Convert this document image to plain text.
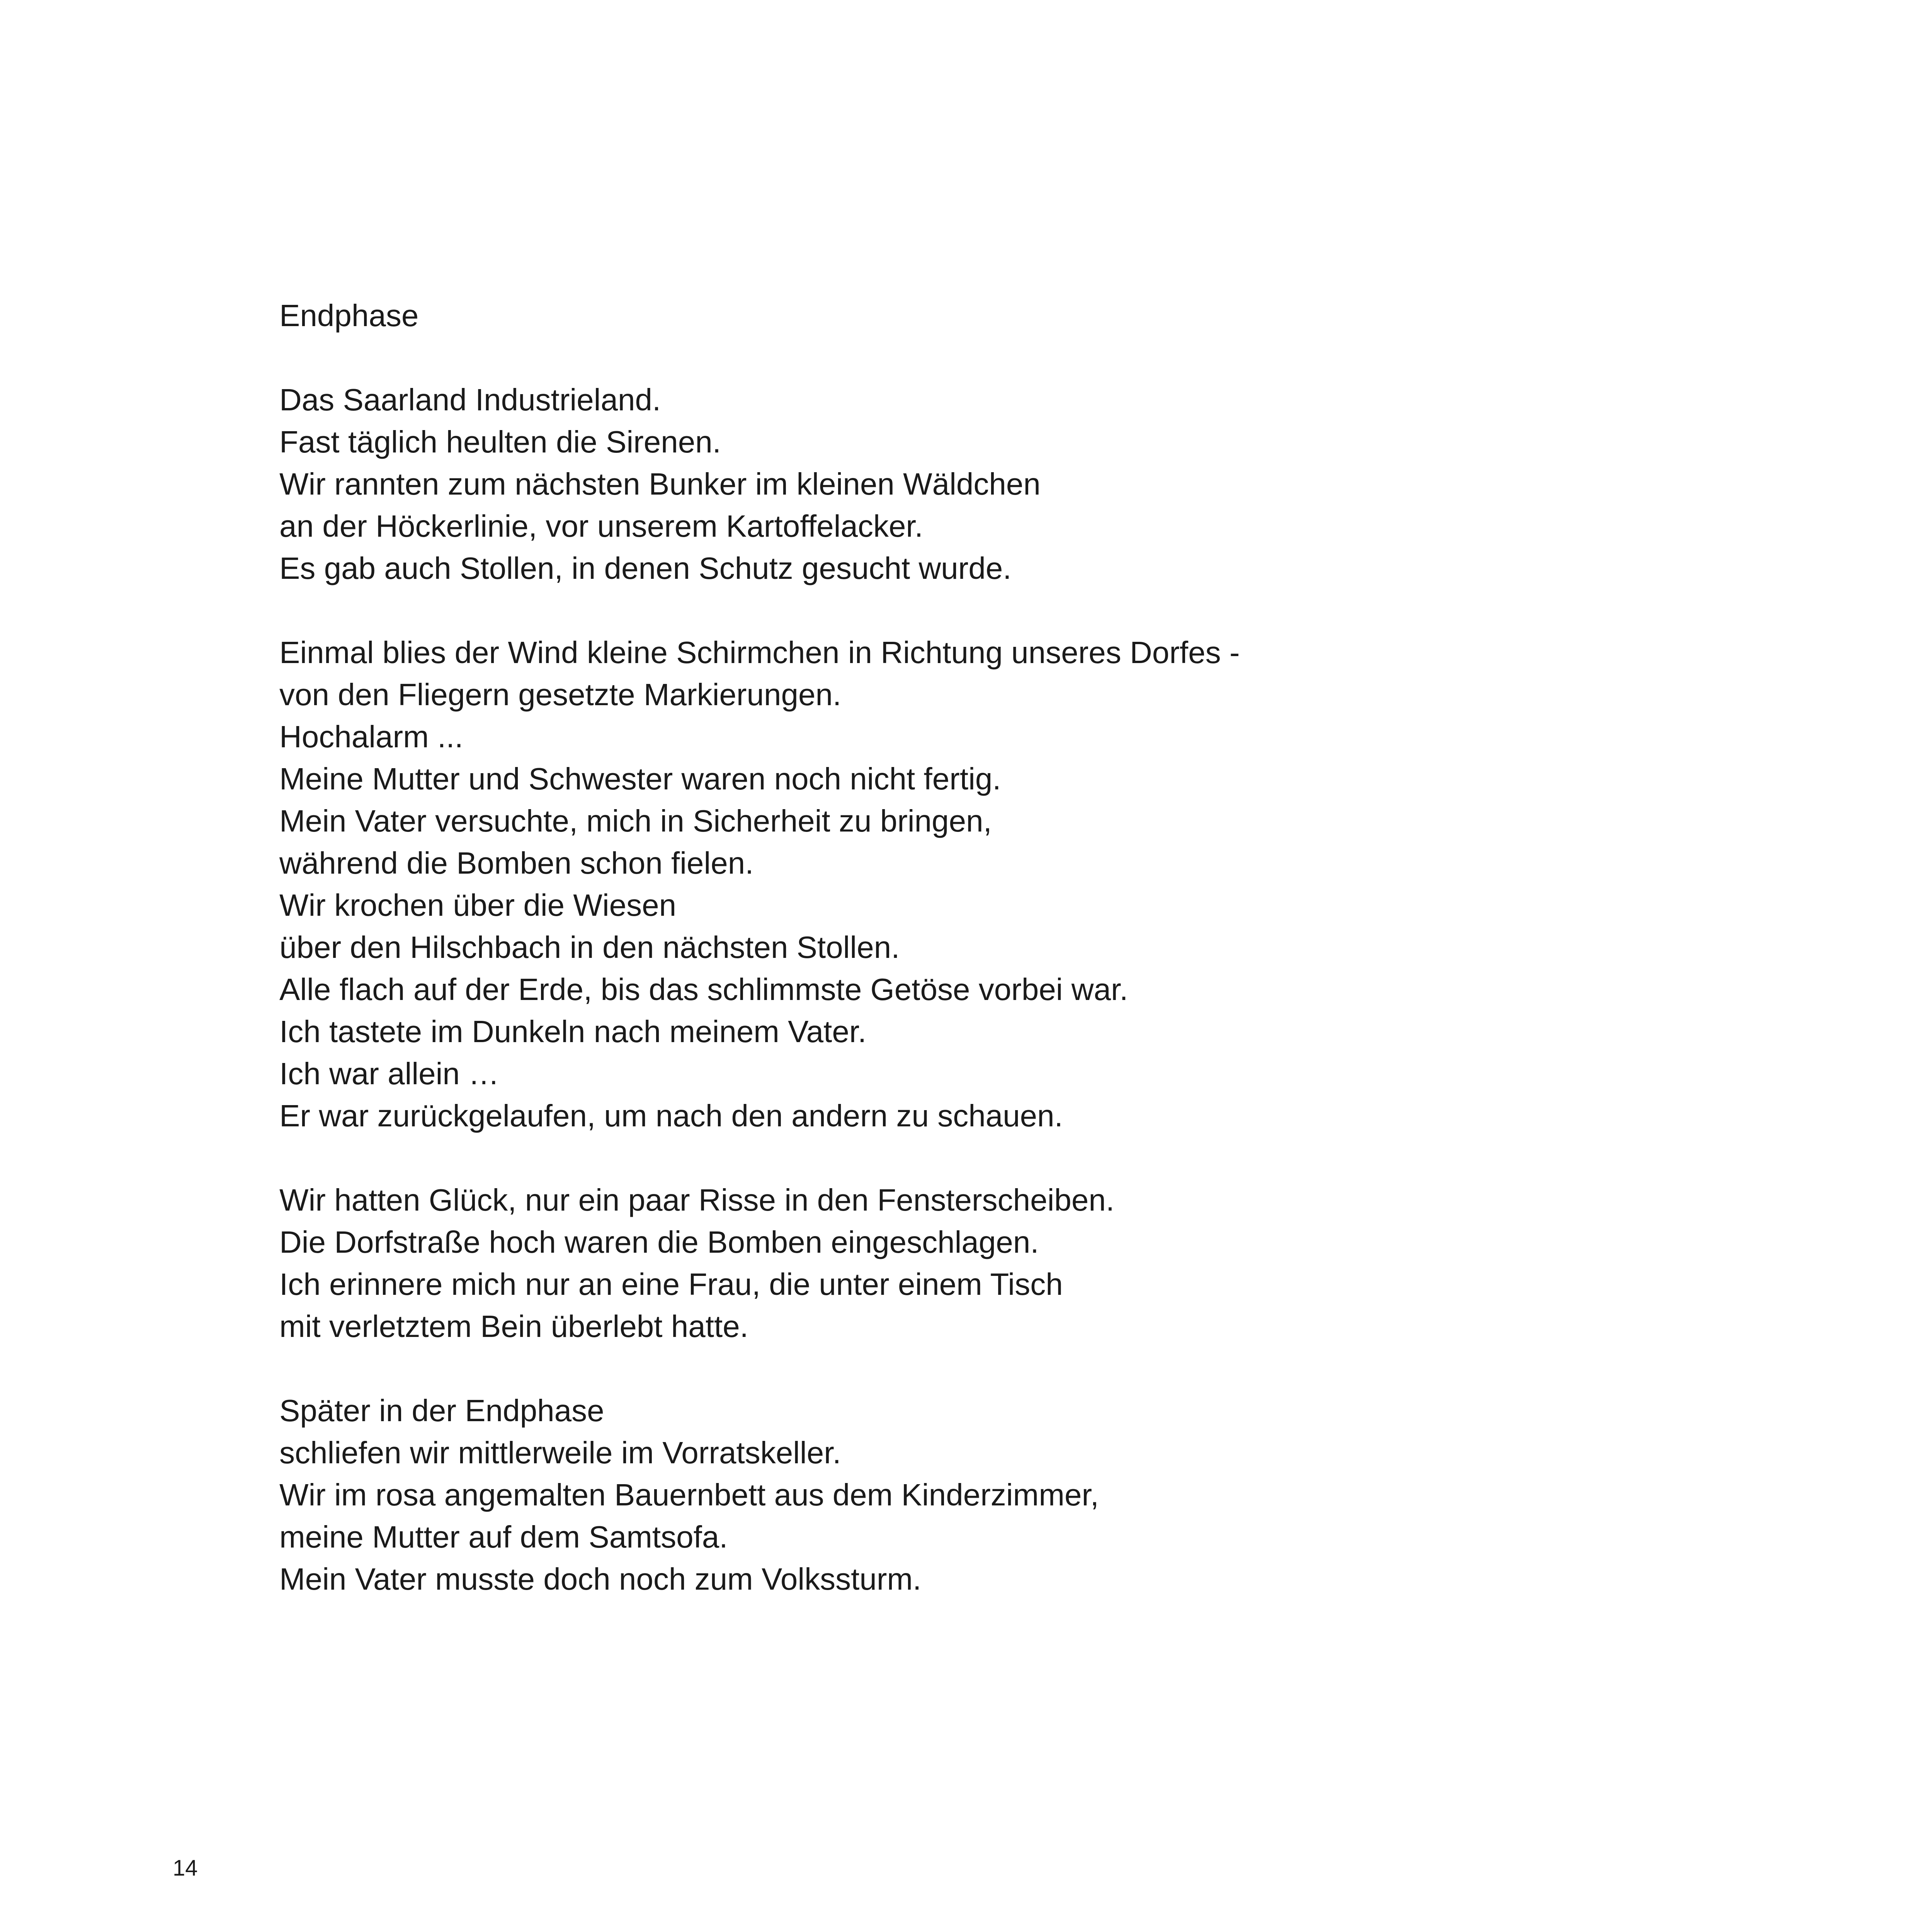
Endphase
Das Saarland Industrieland.
Fast täglich heulten die Sirenen.
Wir rannten zum nächsten Bunker im kleinen Wäldchen
an der Höckerlinie, vor unserem Kartoffelacker.
Es gab auch Stollen, in denen Schutz gesucht wurde.
Einmal blies der Wind kleine Schirmchen in Richtung unseres Dorfes -
von den Fliegern gesetzte Markierungen.
Hochalarm ...
Meine Mutter und Schwester waren noch nicht fertig.
Mein Vater versuchte, mich in Sicherheit zu bringen,
während die Bomben schon fielen.
Wir krochen über die Wiesen
über den Hilschbach in den nächsten Stollen.
Alle flach auf der Erde, bis das schlimmste Getöse vorbei war.
Ich tastete im Dunkeln nach meinem Vater.
Ich war allein …
Er war zurückgelaufen, um nach den andern zu schauen.
Wir hatten Glück, nur ein paar Risse in den Fensterscheiben.
Die Dorfstraße hoch waren die Bomben eingeschlagen.
Ich erinnere mich nur an eine Frau, die unter einem Tisch
mit verletztem Bein überlebt hatte.
Später in der Endphase
schliefen wir mittlerweile im Vorratskeller.
Wir im rosa angemalten Bauernbett aus dem Kinderzimmer,
meine Mutter auf dem Samtsofa.
Mein Vater musste doch noch zum Volkssturm.
14
